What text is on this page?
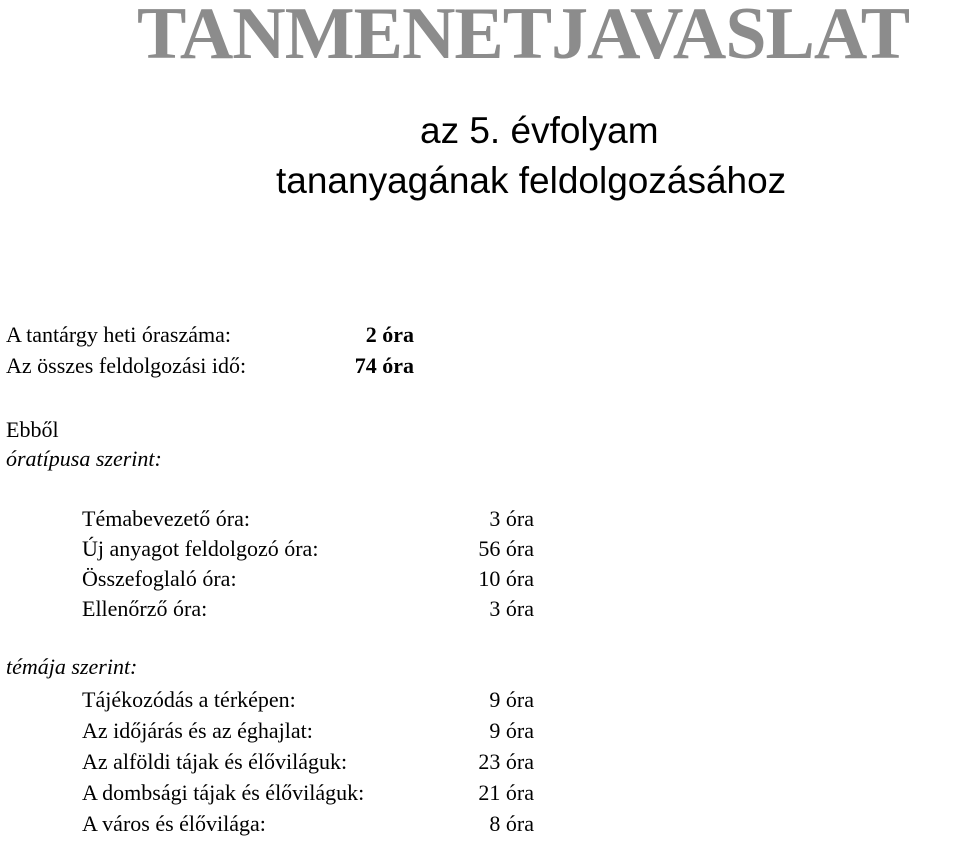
TANMENETJAVASLAT
az 5. évfolyam
tananyagának feldolgozásához
A tantárgy heti óraszáma:	2 óra
Az összes feldolgozási idő:	74 óra
Ebből
óratípusa szerint:
Témabevezető óra:	3 óra
Új anyagot feldolgozó óra:	56 óra
Összefoglaló óra:	10 óra
Ellenőrző óra:	3 óra
témája szerint:
Tájékozódás a térképen:	9 óra
Az időjárás és az éghajlat:	9 óra
Az alföldi tájak és élőviláguk:	23 óra
A dombsági tájak és élőviláguk:	21 óra
A város és élővilága:	8 óra
